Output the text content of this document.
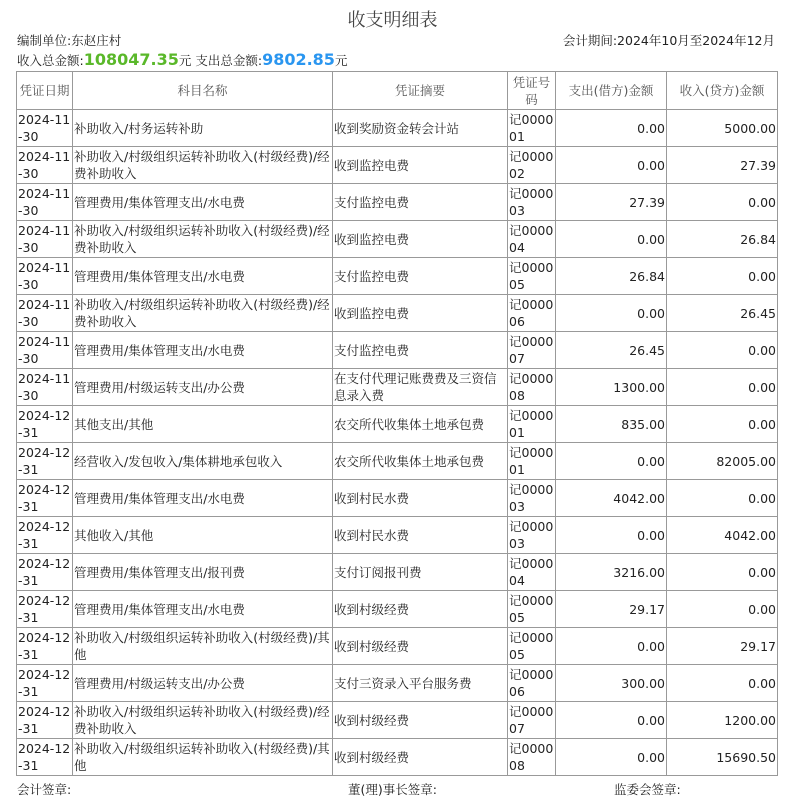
收支明细表
编制单位:东赵庄村	会计期间:2024年10月至2024年12月
收入总金额:108047.35元 支出总金额:9802.85元
凭证日期	科目名称	凭证摘要	凭证号码	支出(借方)金额	收入(贷方)金额
2024-11-30	补助收入/村务运转补助	收到奖励资金转会计站	记000001	0.00	5000.00
2024-11-30	补助收入/村级组织运转补助收入(村级经费)/经费补助收入	收到监控电费	记000002	0.00	27.39
2024-11-30	管理费用/集体管理支出/水电费	支付监控电费	记000003	27.39	0.00
2024-11-30	补助收入/村级组织运转补助收入(村级经费)/经费补助收入	收到监控电费	记000004	0.00	26.84
2024-11-30	管理费用/集体管理支出/水电费	支付监控电费	记000005	26.84	0.00
2024-11-30	补助收入/村级组织运转补助收入(村级经费)/经费补助收入	收到监控电费	记000006	0.00	26.45
2024-11-30	管理费用/集体管理支出/水电费	支付监控电费	记000007	26.45	0.00
2024-11-30	管理费用/村级运转支出/办公费	在支付代理记账费费及三资信息录入费	记000008	1300.00	0.00
2024-12-31	其他支出/其他	农交所代收集体土地承包费	记000001	835.00	0.00
2024-12-31	经营收入/发包收入/集体耕地承包收入	农交所代收集体土地承包费	记000001	0.00	82005.00
2024-12-31	管理费用/集体管理支出/水电费	收到村民水费	记000003	4042.00	0.00
2024-12-31	其他收入/其他	收到村民水费	记000003	0.00	4042.00
2024-12-31	管理费用/集体管理支出/报刊费	支付订阅报刊费	记000004	3216.00	0.00
2024-12-31	管理费用/集体管理支出/水电费	收到村级经费	记000005	29.17	0.00
2024-12-31	补助收入/村级组织运转补助收入(村级经费)/其他	收到村级经费	记000005	0.00	29.17
2024-12-31	管理费用/村级运转支出/办公费	支付三资录入平台服务费	记000006	300.00	0.00
2024-12-31	补助收入/村级组织运转补助收入(村级经费)/经费补助收入	收到村级经费	记000007	0.00	1200.00
2024-12-31	补助收入/村级组织运转补助收入(村级经费)/其他	收到村级经费	记000008	0.00	15690.50
会计签章:	董(理)事长签章:	监委会签章:
